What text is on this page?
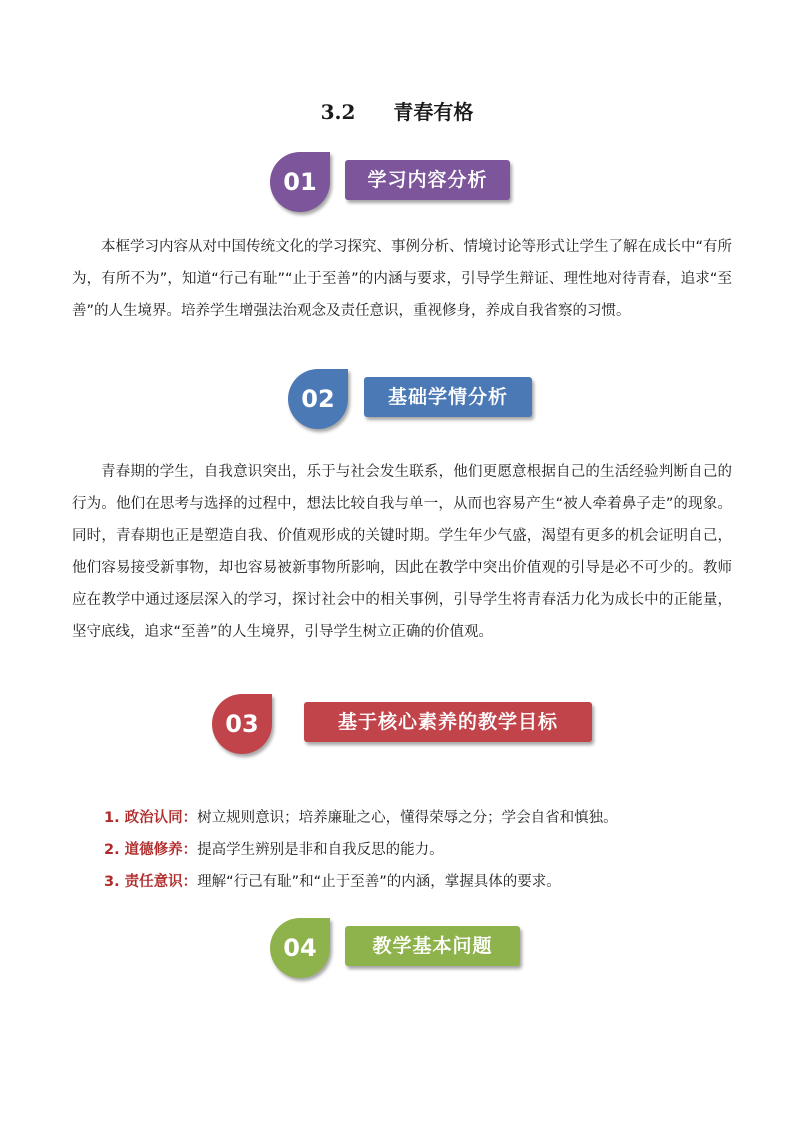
3.2 青春有格
01	学习内容分析

本框学习内容从对中国传统文化的学习探究、事例分析、情境讨论等形式让学生了解在成长中“有所为，有所不为”，知道“行己有耻”“止于至善”的内涵与要求，引导学生辩证、理性地对待青春，追求“至善”的人生境界。培养学生增强法治观念及责任意识，重视修身，养成自我省察的习惯。

02	基础学情分析

青春期的学生，自我意识突出，乐于与社会发生联系，他们更愿意根据自己的生活经验判断自己的行为。他们在思考与选择的过程中，想法比较自我与单一，从而也容易产生“被人牵着鼻子走”的现象。同时，青春期也正是塑造自我、价值观形成的关键时期。学生年少气盛，渴望有更多的机会证明自己，他们容易接受新事物，却也容易被新事物所影响，因此在教学中突出价值观的引导是必不可少的。教师应在教学中通过逐层深入的学习，探讨社会中的相关事例，引导学生将青春活力化为成长中的正能量，坚守底线，追求“至善”的人生境界，引导学生树立正确的价值观。

03	基于核心素养的教学目标
1. 政治认同：树立规则意识；培养廉耻之心，懂得荣辱之分；学会自省和慎独。
2. 道德修养：提高学生辨别是非和自我反思的能力。
3. 责任意识：理解“行己有耻”和“止于至善”的内涵，掌握具体的要求。
04	教学基本问题
